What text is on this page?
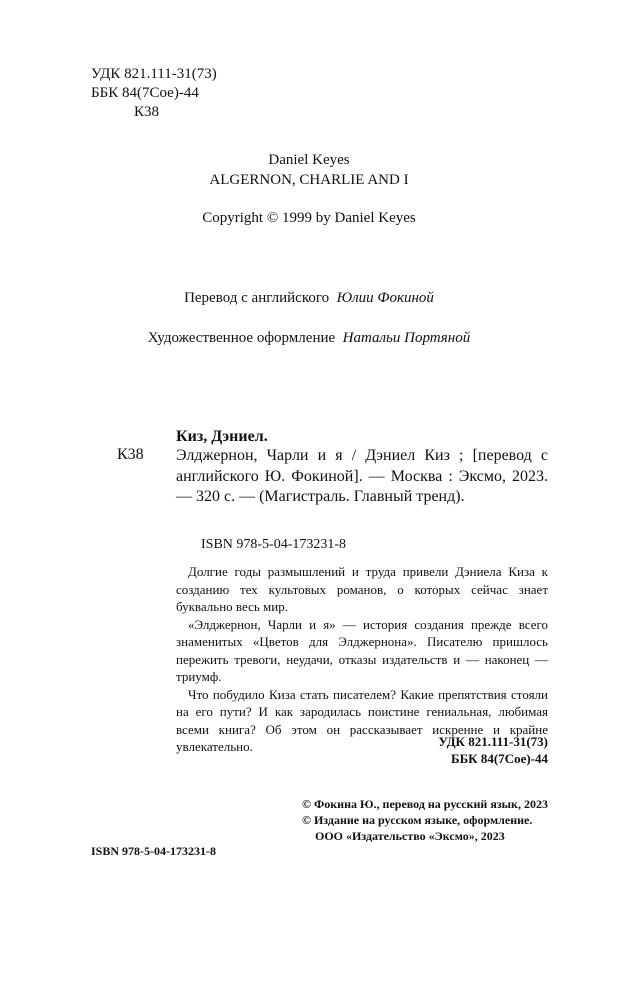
УДК 821.111-31(73)
ББК 84(7Сое)-44
К38
Daniel Keyes
ALGERNON, CHARLIE AND I
Copyright © 1999 by Daniel Keyes
Перевод с английского Юлии Фокиной
Художественное оформление Натальи Портяной
Киз, Дэниел.
К38 Элджернон, Чарли и я / Дэниел Киз ; [перевод с английского Ю. Фокиной]. — Москва : Эксмо, 2023. — 320 с. — (Магистраль. Главный тренд).
ISBN 978-5-04-173231-8

Долгие годы размышлений и труда привели Дэниела Киза к созданию тех культовых романов, о которых сейчас знает буквально весь мир.

«Элджернон, Чарли и я» — история создания прежде всего знаменитых «Цветов для Элджернона». Писателю пришлось пережить тревоги, неудачи, отказы издательств и — наконец — триумф.

Что побудило Киза стать писателем? Какие препятствия стояли на его пути? И как зародилась поистине гениальная, любимая всеми книга? Об этом он рассказывает искренне и крайне увлекательно.	УДК 821.111-31(73)
ББК 84(7Сое)-44
© Фокина Ю., перевод на русский язык, 2023
© Издание на русском языке, оформление. ООО «Издательство «Эксмо», 2023
ISBN 978-5-04-173231-8
